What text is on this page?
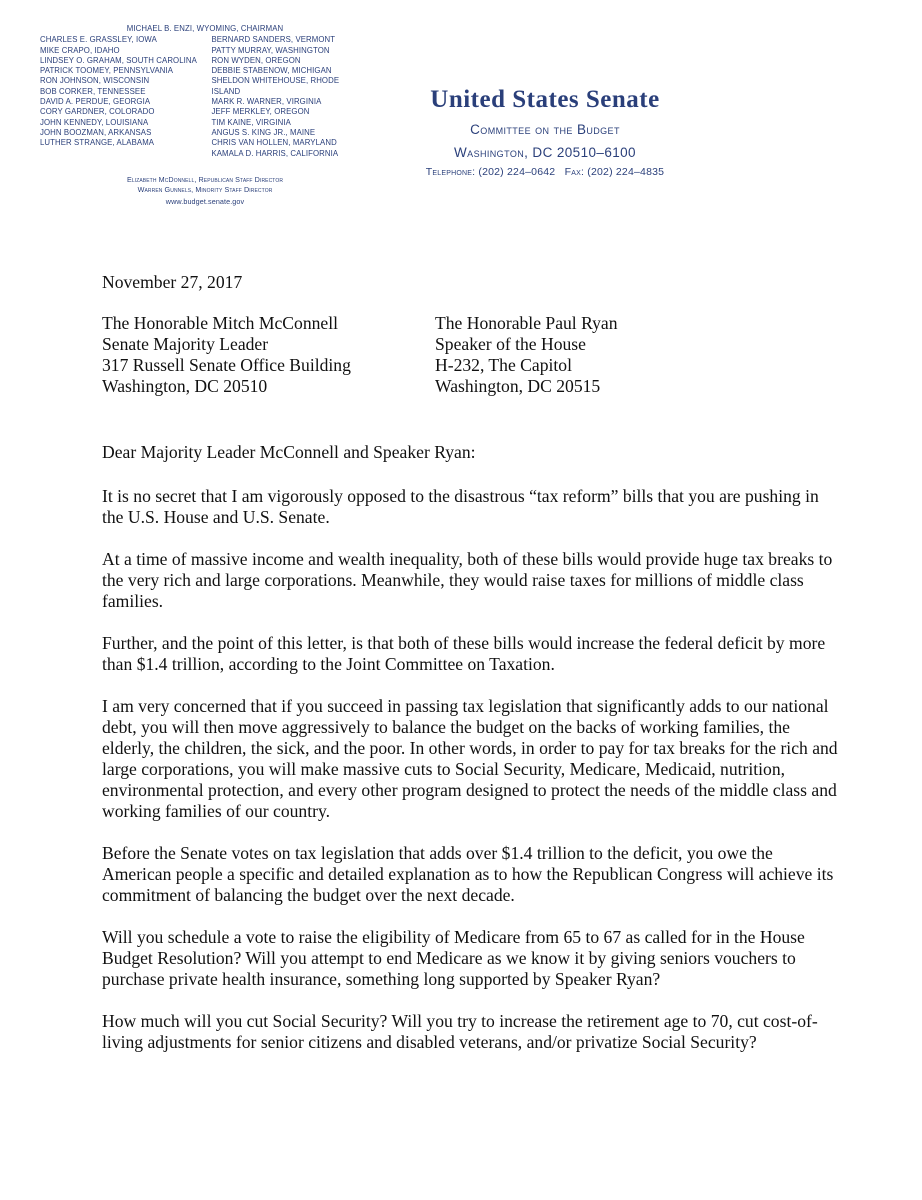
MICHAEL B. ENZI, WYOMING, CHAIRMAN
CHARLES E. GRASSLEY, IOWA
MIKE CRAPO, IDAHO
LINDSEY O. GRAHAM, SOUTH CAROLINA
PATRICK TOOMEY, PENNSYLVANIA
RON JOHNSON, WISCONSIN
BOB CORKER, TENNESSEE
DAVID A. PERDUE, GEORGIA
CORY GARDNER, COLORADO
JOHN KENNEDY, LOUISIANA
JOHN BOOZMAN, ARKANSAS
LUTHER STRANGE, ALABAMA
BERNARD SANDERS, VERMONT
PATTY MURRAY, WASHINGTON
RON WYDEN, OREGON
DEBBIE STABENOW, MICHIGAN
SHELDON WHITEHOUSE, RHODE ISLAND
MARK R. WARNER, VIRGINIA
JEFF MERKLEY, OREGON
TIM KAINE, VIRGINIA
ANGUS S. KING JR., MAINE
CHRIS VAN HOLLEN, MARYLAND
KAMALA D. HARRIS, CALIFORNIA
Elizabeth McDonnell, Republican Staff Director
Warren Gunnels, Minority Staff Director
www.budget.senate.gov
United States Senate
Committee on the Budget
Washington, DC 20510–6100
Telephone: (202) 224–0642   Fax: (202) 224–4835
November 27, 2017
The Honorable Mitch McConnell
Senate Majority Leader
317 Russell Senate Office Building
Washington, DC 20510
The Honorable Paul Ryan
Speaker of the House
H-232, The Capitol
Washington, DC 20515
Dear Majority Leader McConnell and Speaker Ryan:

It is no secret that I am vigorously opposed to the disastrous “tax reform” bills that you are pushing in the U.S. House and U.S. Senate.

At a time of massive income and wealth inequality, both of these bills would provide huge tax breaks to the very rich and large corporations. Meanwhile, they would raise taxes for millions of middle class families.

Further, and the point of this letter, is that both of these bills would increase the federal deficit by more than $1.4 trillion, according to the Joint Committee on Taxation.

I am very concerned that if you succeed in passing tax legislation that significantly adds to our national debt, you will then move aggressively to balance the budget on the backs of working families, the elderly, the children, the sick, and the poor. In other words, in order to pay for tax breaks for the rich and large corporations, you will make massive cuts to Social Security, Medicare, Medicaid, nutrition, environmental protection, and every other program designed to protect the needs of the middle class and working families of our country.

Before the Senate votes on tax legislation that adds over $1.4 trillion to the deficit, you owe the American people a specific and detailed explanation as to how the Republican Congress will achieve its commitment of balancing the budget over the next decade.

Will you schedule a vote to raise the eligibility of Medicare from 65 to 67 as called for in the House Budget Resolution? Will you attempt to end Medicare as we know it by giving seniors vouchers to purchase private health insurance, something long supported by Speaker Ryan?

How much will you cut Social Security? Will you try to increase the retirement age to 70, cut cost-of-living adjustments for senior citizens and disabled veterans, and/or privatize Social Security?
